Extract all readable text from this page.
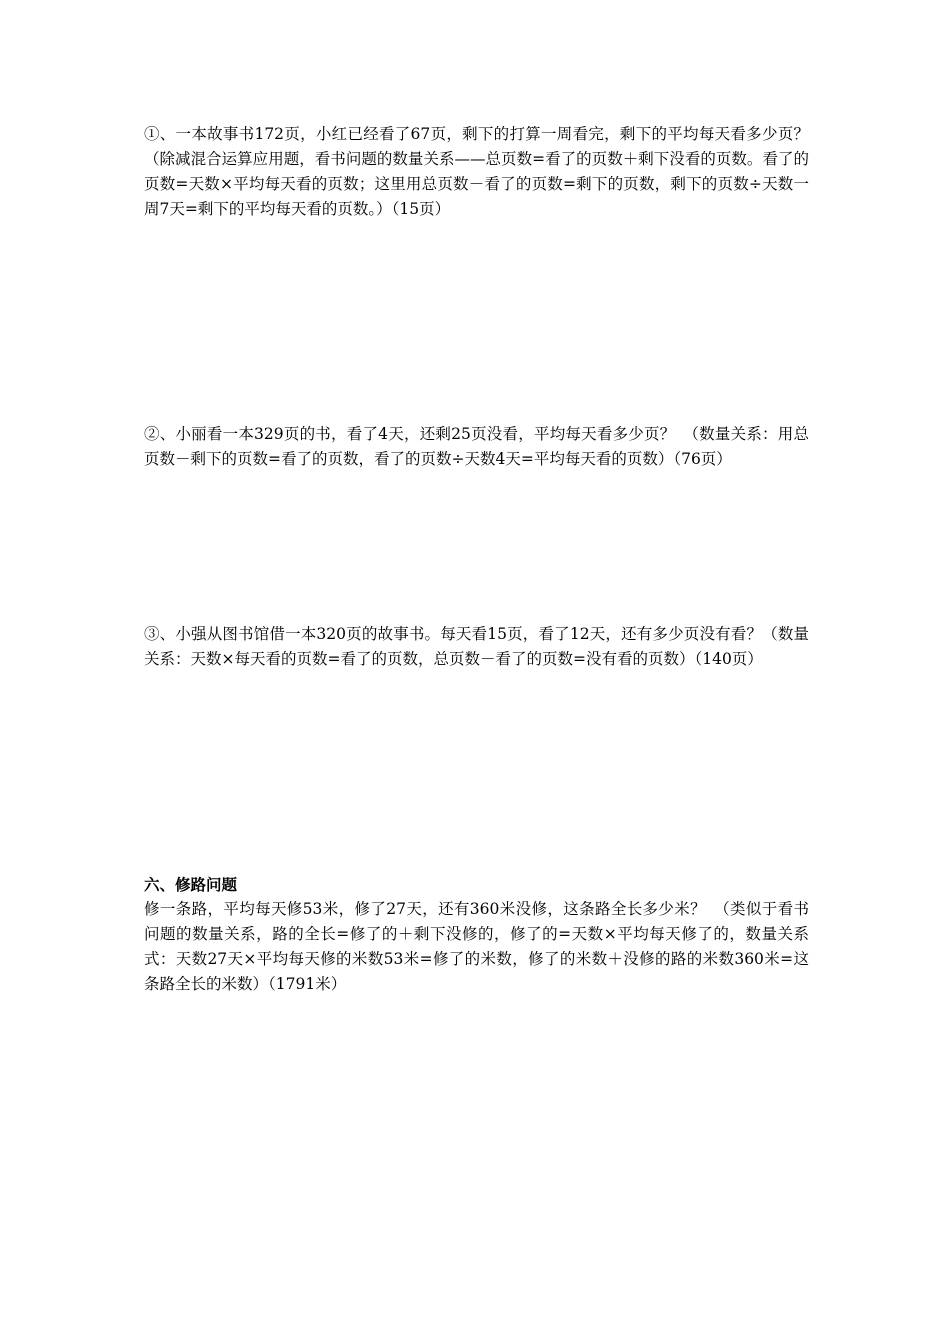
①、一本故事书172页，小红已经看了67页，剩下的打算一周看完，剩下的平均每天看多少页？（除减混合运算应用题，看书问题的数量关系——总页数=看了的页数＋剩下没看的页数。看了的页数=天数×平均每天看的页数；这里用总页数－看了的页数=剩下的页数，剩下的页数÷天数一周7天=剩下的平均每天看的页数。）（15页）
②、小丽看一本329页的书，看了4天，还剩25页没看，平均每天看多少页？　（数量关系：用总页数－剩下的页数=看了的页数，看了的页数÷天数4天=平均每天看的页数）（76页）
③、小强从图书馆借一本320页的故事书。每天看15页，看了12天，还有多少页没有看？（数量关系：天数×每天看的页数=看了的页数，总页数－看了的页数=没有看的页数）（140页）
六、修路问题
修一条路，平均每天修53米，修了27天，还有360米没修，这条路全长多少米？　（类似于看书问题的数量关系，路的全长=修了的＋剩下没修的，修了的=天数×平均每天修了的，数量关系式：天数27天×平均每天修的米数53米=修了的米数，修了的米数＋没修的路的米数360米=这条路全长的米数）（1791米）
